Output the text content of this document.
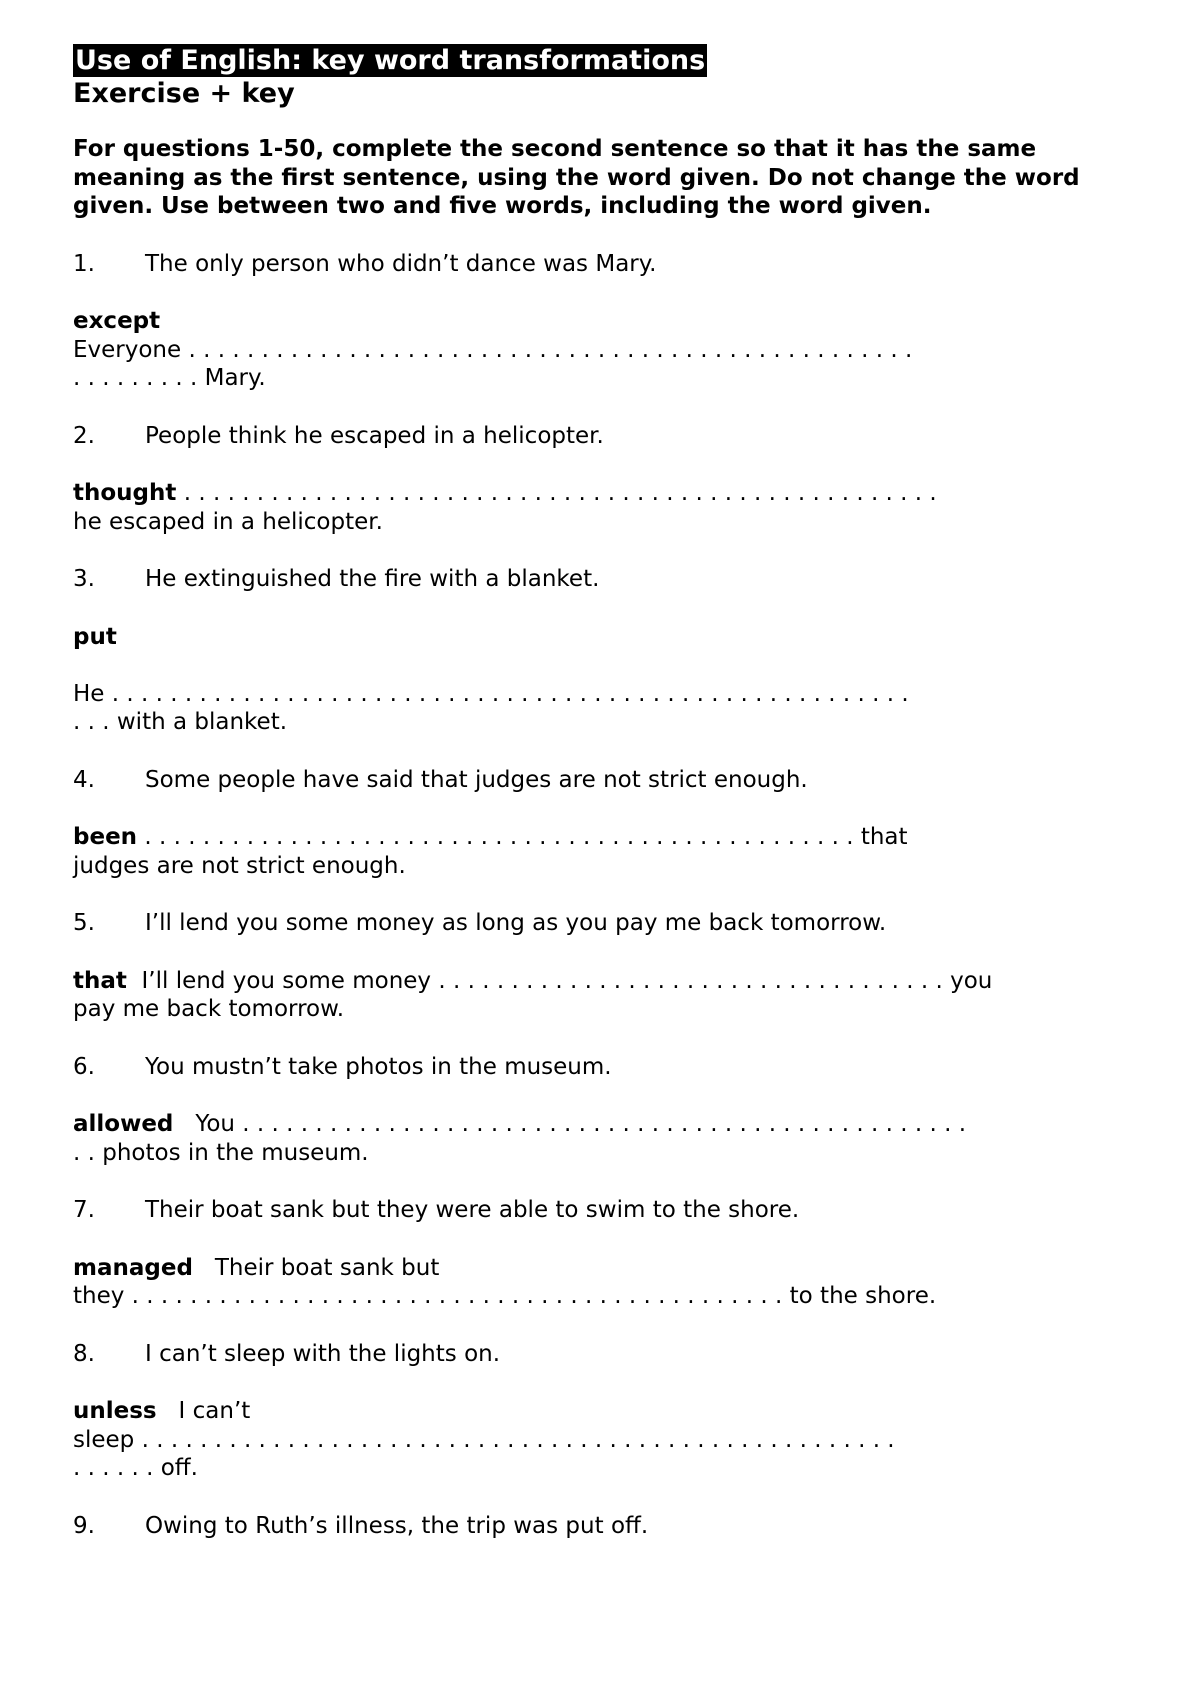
Use of English: key word transformations
Exercise + key
For questions 1-50, complete the second sentence so that it has the same meaning as the first sentence, using the word given. Do not change the word given. Use between two and five words, including the word given.
1.	The only person who didn’t dance was Mary.
except
Everyone . . . . . . . . . . . . . . . . . . . . . . . . . . . . . . . . . . . . . . . . . . . . . . . . . .
. . . . . . . . . Mary.
2.	People think he escaped in a helicopter.
thought . . . . . . . . . . . . . . . . . . . . . . . . . . . . . . . . . . . . . . . . . . . . . . . . . . . .
he escaped in a helicopter.
3.	He extinguished the fire with a blanket.
put
He . . . . . . . . . . . . . . . . . . . . . . . . . . . . . . . . . . . . . . . . . . . . . . . . . . . . . . .
. . . with a blanket.
4.	Some people have said that judges are not strict enough.
been . . . . . . . . . . . . . . . . . . . . . . . . . . . . . . . . . . . . . . . . . . . . . . . . . that
judges are not strict enough.
5.	I’ll lend you some money as long as you pay me back tomorrow.
that  I’ll lend you some money . . . . . . . . . . . . . . . . . . . . . . . . . . . . . . . . . . . you
pay me back tomorrow.
6.	You mustn’t take photos in the museum.
allowed   You . . . . . . . . . . . . . . . . . . . . . . . . . . . . . . . . . . . . . . . . . . . . . . . . . .
. . photos in the museum.
7.	Their boat sank but they were able to swim to the shore.
managed   Their boat sank but
they . . . . . . . . . . . . . . . . . . . . . . . . . . . . . . . . . . . . . . . . . . . . . to the shore.
8.	I can’t sleep with the lights on.
unless   I can’t
sleep . . . . . . . . . . . . . . . . . . . . . . . . . . . . . . . . . . . . . . . . . . . . . . . . . . . .
. . . . . . off.
9.	Owing to Ruth’s illness, the trip was put off.
